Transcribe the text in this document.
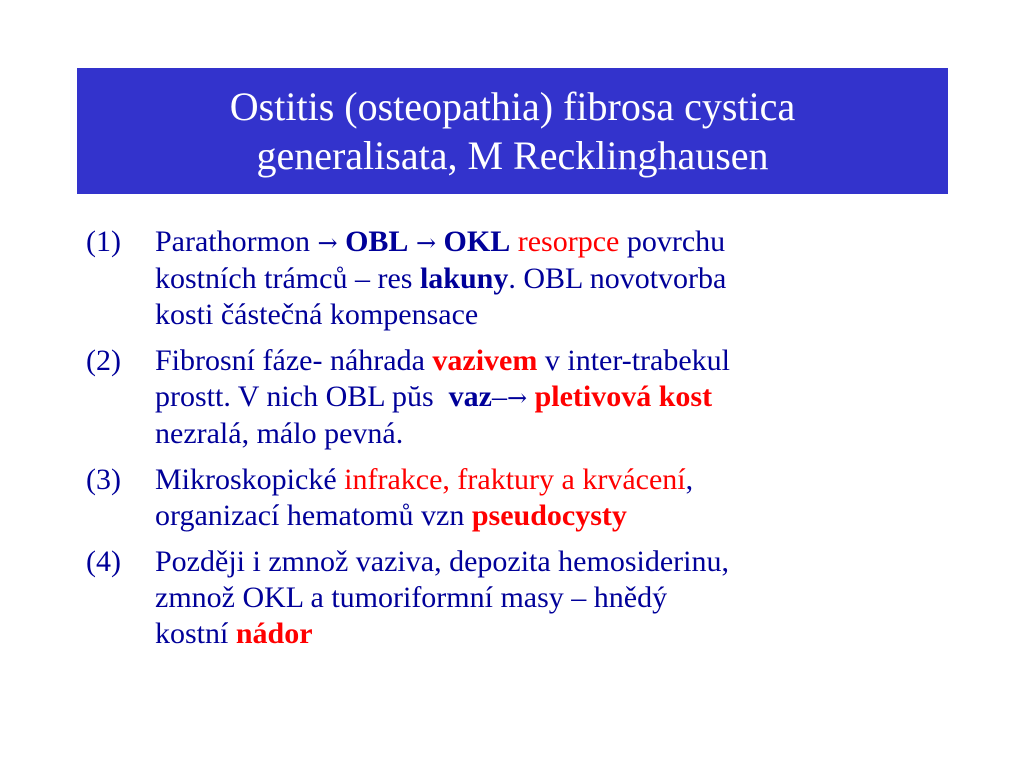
Ostitis (osteopathia) fibrosa cystica
generalisata, M Recklinghausen
(1)	Parathormon → OBL → OKL resorpce povrchu
kostních trámců – res lakuny. OBL novotvorba
kosti částečná kompensace
(2)	Fibrosní fáze- náhrada vazivem v inter-trabekul
prostt. V nich OBL pŭs  vaz–→ pletivová kost
nezralá, málo pevná.
(3)	Mikroskopické infrakce, fraktury a krvácení,
organizací hematomů vzn pseudocysty
(4)	Později i zmnož vaziva, depozita hemosiderinu,
zmnož OKL a tumoriformní masy – hnědý
kostní nádor
